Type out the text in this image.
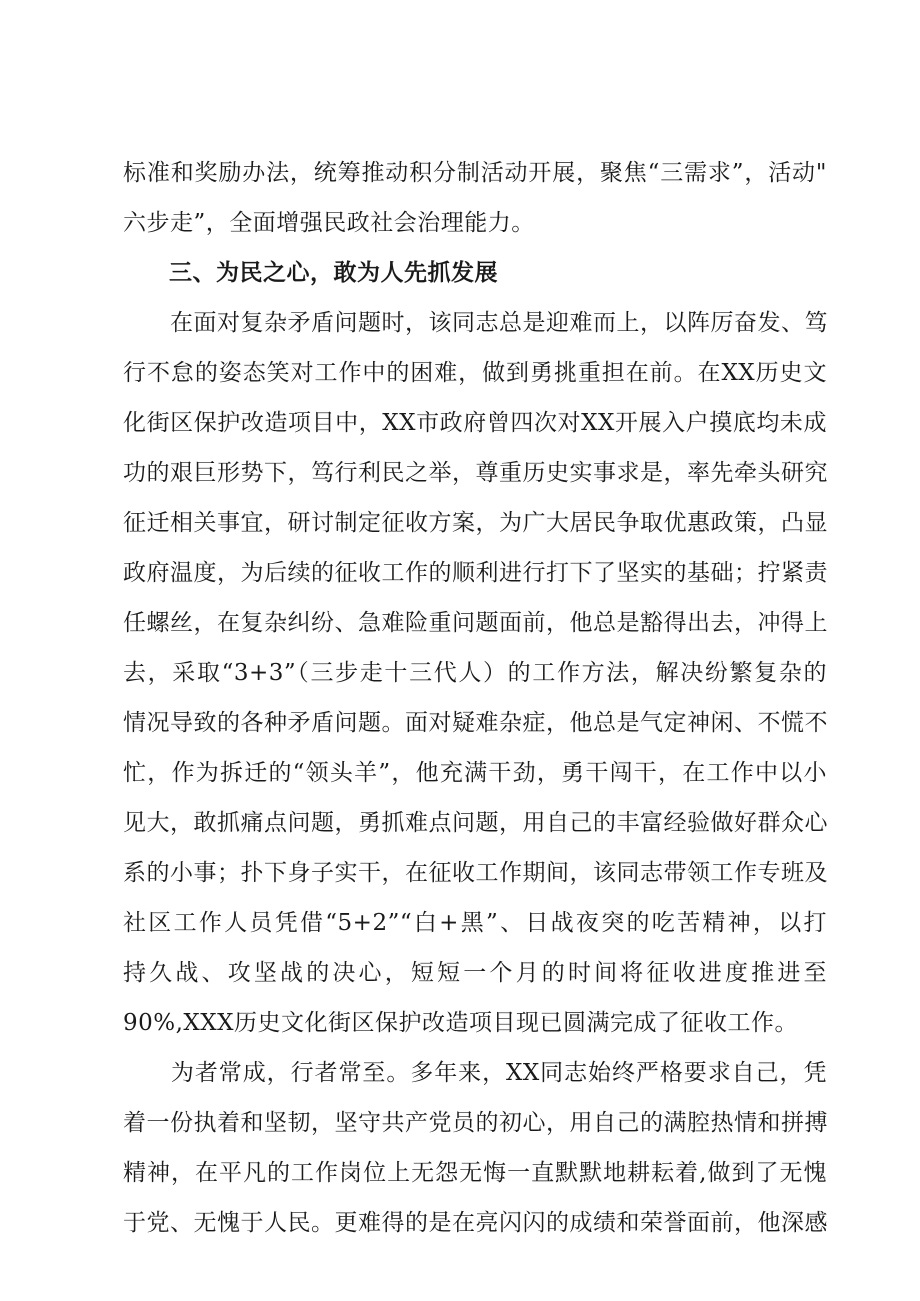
标准和奖励办法，统筹推动积分制活动开展，聚焦“三需求”，活动"
六步走”，全面增强民政社会治理能力。
三、为民之心，敢为人先抓发展
　　在面对复杂矛盾问题时，该同志总是迎难而上，以阵厉奋发、笃
行不怠的姿态笑对工作中的困难，做到勇挑重担在前。在XX历史文
化街区保护改造项目中，XX市政府曾四次对XX开展入户摸底均未成
功的艰巨形势下，笃行利民之举，尊重历史实事求是，率先牵头研究
征迁相关事宜，研讨制定征收方案，为广大居民争取优惠政策，凸显
政府温度，为后续的征收工作的顺利进行打下了坚实的基础；拧紧责
任螺丝，在复杂纠纷、急难险重问题面前，他总是豁得出去，冲得上
去，采取“3+3”（三步走十三代人）的工作方法，解决纷繁复杂的
情况导致的各种矛盾问题。面对疑难杂症，他总是气定神闲、不慌不
忙，作为拆迁的“领头羊”，他充满干劲，勇干闯干，在工作中以小
见大，敢抓痛点问题，勇抓难点问题，用自己的丰富经验做好群众心
系的小事；扑下身子实干，在征收工作期间，该同志带领工作专班及
社区工作人员凭借“5+2”“白+黑”、日战夜突的吃苦精神，以打
持久战、攻坚战的决心，短短一个月的时间将征收进度推进至
90%,XXX历史文化街区保护改造项目现已圆满完成了征收工作。
　　为者常成，行者常至。多年来，XX同志始终严格要求自己，凭
着一份执着和坚韧，坚守共产党员的初心，用自己的满腔热情和拼搏
精神，在平凡的工作岗位上无怨无悔一直默默地耕耘着,做到了无愧
于党、无愧于人民。更难得的是在亮闪闪的成绩和荣誉面前，他深感
